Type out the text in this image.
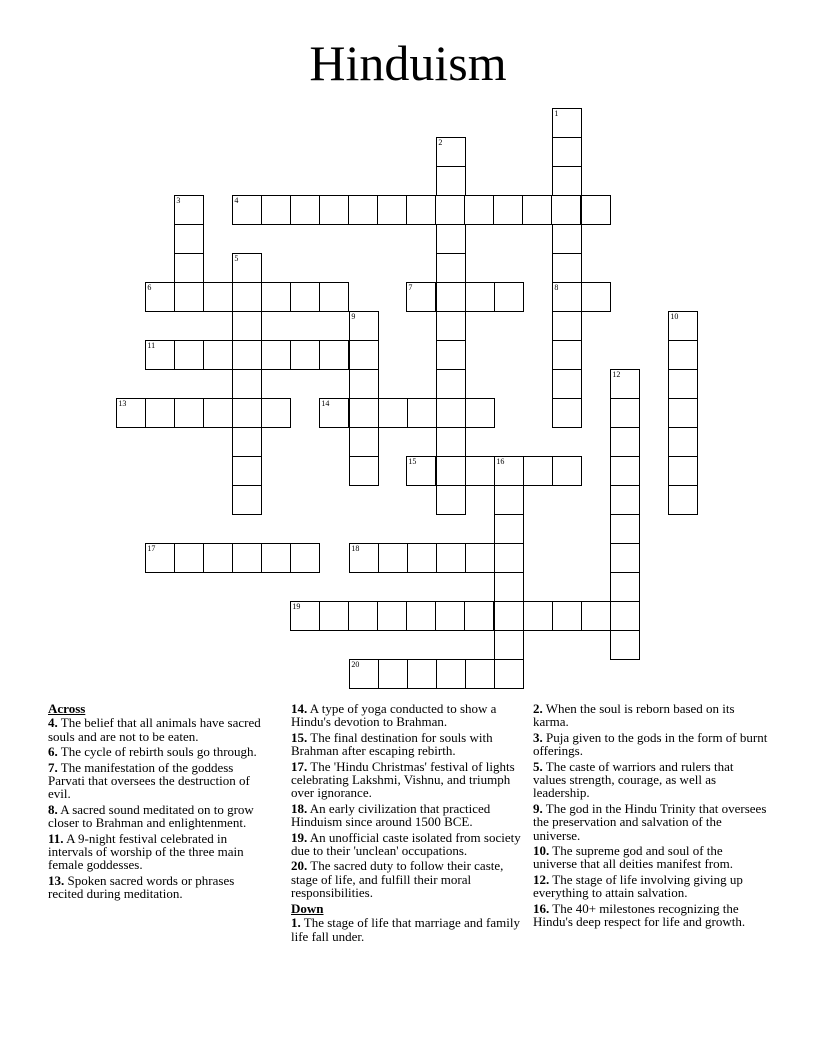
Hinduism
1
8
2
3	4
5
6	7
9	10
11
12
13	14
15	16
17	18
19
20
Across
4. The belief that all animals have sacred souls and are not to be eaten.
6. The cycle of rebirth souls go through.
7. The manifestation of the goddess Parvati that oversees the destruction of evil.
8. A sacred sound meditated on to grow closer to Brahman and enlightenment.
11. A 9-night festival celebrated in intervals of worship of the three main female goddesses.
13. Spoken sacred words or phrases recited during meditation.
14. A type of yoga conducted to show a Hindu's devotion to Brahman.
15. The final destination for souls with Brahman after escaping rebirth.
17. The 'Hindu Christmas' festival of lights celebrating Lakshmi, Vishnu, and triumph over ignorance.
18. An early civilization that practiced Hinduism since around 1500 BCE.
19. An unofficial caste isolated from society due to their 'unclean' occupations.
20. The sacred duty to follow their caste, stage of life, and fulfill their moral responsibilities.
Down
1. The stage of life that marriage and family life fall under.
2. When the soul is reborn based on its karma.
3. Puja given to the gods in the form of burnt offerings.
5. The caste of warriors and rulers that values strength, courage, as well as leadership.
9. The god in the Hindu Trinity that oversees the preservation and salvation of the universe.
10. The supreme god and soul of the universe that all deities manifest from.
12. The stage of life involving giving up everything to attain salvation.
16. The 40+ milestones recognizing the Hindu's deep respect for life and growth.
